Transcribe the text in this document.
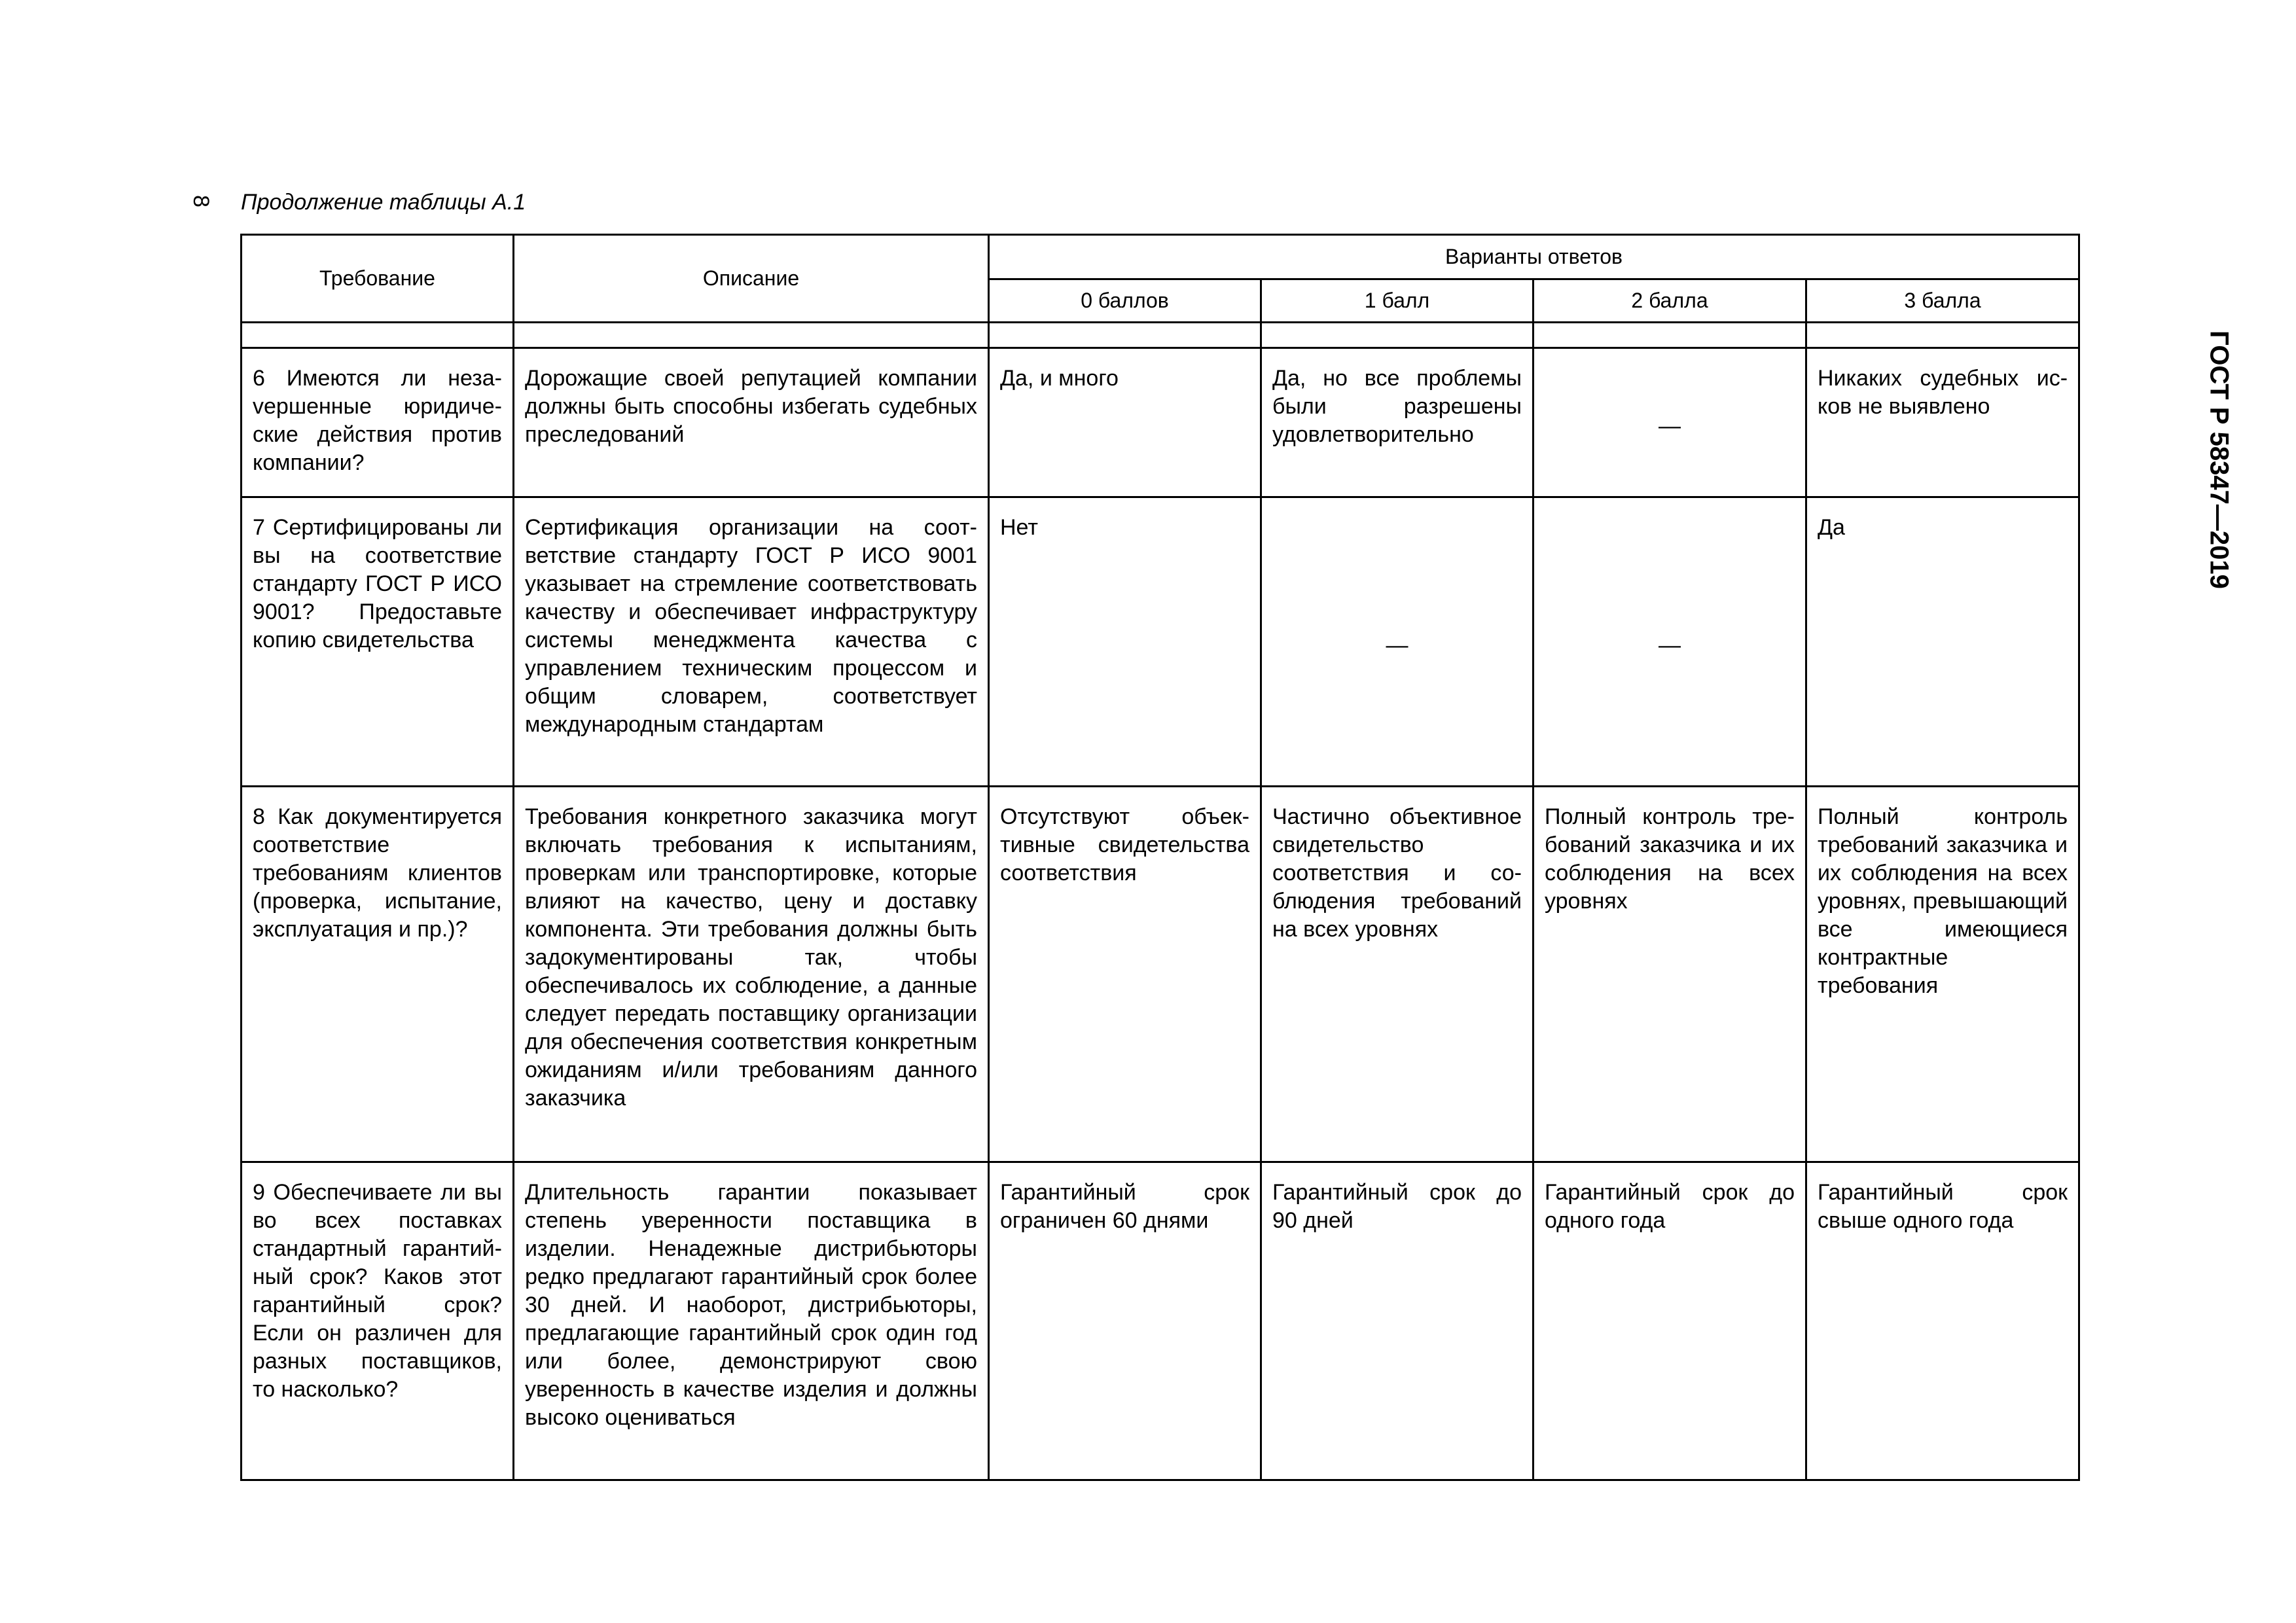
8 Продолжение таблицы А.1
ГОСТ Р 58347—2019
Требование	Описание	Варианты ответов			
		0 баллов	1 балл	2 балла	3 балла

6 Имеются ли незаvершенные юридические действия против компании?	Дорожащие своей репутацией компании должны быть способны избегать судебных преследований	Да, и много	Да, но все проблемы были разрешены удовлетворительно	—	Никаких судебных исков не выявлено
7 Сертифицированы ли вы на соответствие стандарту ГОСТ Р ИСО 9001? Предоставьте копию свидетельства	Сертификация организации на соответствие стандарту ГОСТ Р ИСО 9001 указывает на стремление соответствовать качеству и обеспечивает инфраструктуру системы менеджмента качества с управлением техническим процессом и общим словарем, соответствует международным стандартам	Нет	—	—	Да
8 Как документируется соответствие требованиям клиентов (проверка, испытание, эксплуатация и пр.)?	Требования конкретного заказчика могут включать требования к испытаниям, проверкам или транспортировке, которые влияют на качество, цену и доставку компонента. Эти требования должны быть задокументированы так, чтобы обеспечивалось их соблюдение, а данные следует передать поставщику организации для обеспечения соответствия конкретным ожиданиям и/или требованиям данного заказчика	Отсутствуют объективные свидетельства соответствия	Частично объективное свидетельство соответствия и соблюдения требований на всех уровнях	Полный контроль требований заказчика и их соблюдения на всех уровнях	Полный контроль требований заказчика и их соблюдения на всех уровнях, превышающий все имеющиеся контрактные требования
9 Обеспечиваете ли вы во всех поставках стандартный гарантийный срок? Каков этот гарантийный срок? Если он различен для разных поставщиков, то насколько?	Длительность гарантии показывает степень уверенности поставщика в изделии. Ненадежные дистрибьюторы редко предлагают гарантийный срок более 30 дней. И наоборот, дистрибьюторы, предлагающие гарантийный срок один год или более, демонстрируют свою уверенность в качестве изделия и должны высоко оцениваться	Гарантийный срок ограничен 60 днями	Гарантийный срок до 90 дней	Гарантийный срок до одного года	Гарантийный срок свыше одного года
